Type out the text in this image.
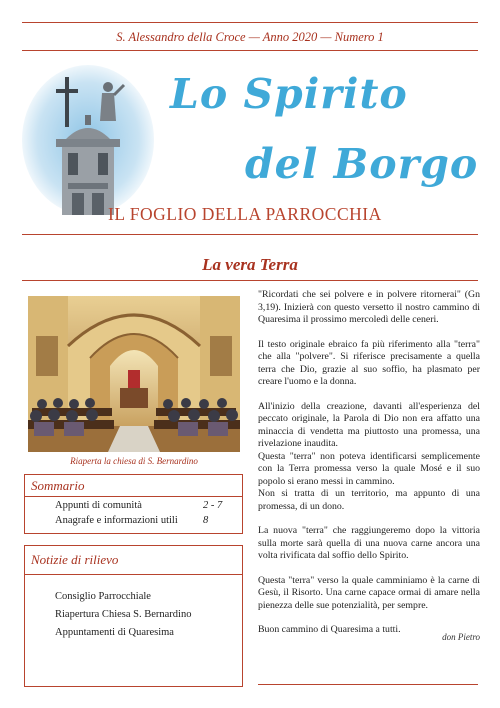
S. Alessandro della Croce — Anno 2020 — Numero 1
Lo Spirito
del Borgo
IL FOGLIO DELLA PARROCCHIA
La vera Terra
Riaperta la chiesa di S. Bernardino
Sommario
Appunti di comunità	2 - 7
Anagrafe e informazioni utili 8
Notizie di rilievo
Consiglio Parrocchiale
Riapertura Chiesa S. Bernardino
Appuntamenti di Quaresima

"Ricordati che sei polvere e in polvere ritornerai" (Gn 3,19). Inizierà con questo versetto il nostro cammino di Quaresima il prossimo mercoledì delle ceneri.

Il testo originale ebraico fa più riferimento alla "terra" che alla "polvere". Si riferisce precisamente a quella terra che Dio, grazie al suo soffio, ha plasmato per creare l'uomo e la donna.

All'inizio della creazione, davanti all'esperienza del peccato originale, la Parola di Dio non era affatto una minaccia di vendetta ma piuttosto una promessa, una rivelazione inaudita.

Questa "terra" non poteva identificarsi semplicemente con la Terra promessa verso la quale Mosé e il suo popolo si erano messi in cammino.

Non si tratta di un territorio, ma appunto di una promessa, di un dono.

La nuova "terra" che raggiungeremo dopo la vittoria sulla morte sarà quella di una nuova carne ancora una volta rivificata dal soffio dello Spirito.

Questa "terra" verso la quale camminiamo è la carne di Gesù, il Risorto. Una carne capace ormai di amare nella pienezza delle sue potenzialità, per sempre.

Buon cammino di Quaresima a tutti.

don Pietro
